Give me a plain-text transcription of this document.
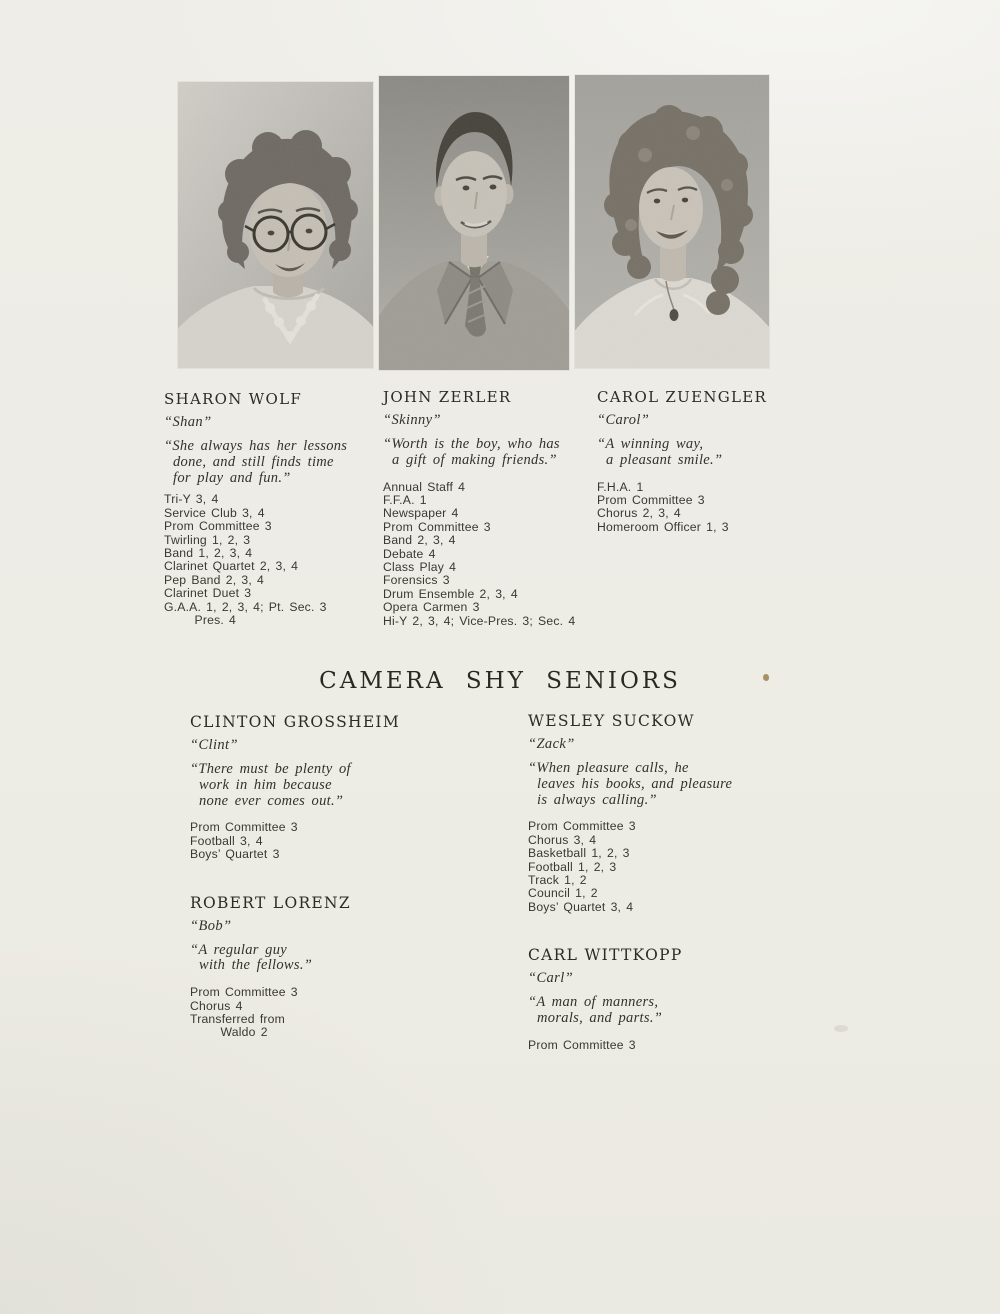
SHARON WOLF
“Shan”
“She always has her lessons
done, and still finds time
for play and fun.”
Tri-Y 3, 4
Service Club 3, 4
Prom Committee 3
Twirling 1, 2, 3
Band 1, 2, 3, 4
Clarinet Quartet 2, 3, 4
Pep Band 2, 3, 4
Clarinet Duet 3
G.A.A. 1, 2, 3, 4; Pt. Sec. 3
Pres. 4
JOHN ZERLER
“Skinny”
“Worth is the boy, who has
a gift of making friends.”
Annual Staff 4
F.F.A. 1
Newspaper 4
Prom Committee 3
Band 2, 3, 4
Debate 4
Class Play 4
Forensics 3
Drum Ensemble 2, 3, 4
Opera Carmen 3
Hi-Y 2, 3, 4; Vice-Pres. 3; Sec. 4
CAROL ZUENGLER
“Carol”
“A winning way,
a pleasant smile.”
F.H.A. 1
Prom Committee 3
Chorus 2, 3, 4
Homeroom Officer 1, 3
CAMERA SHY SENIORS
CLINTON GROSSHEIM
“Clint”
“There must be plenty of
work in him because
none ever comes out.”
Prom Committee 3
Football 3, 4
Boys’ Quartet 3
ROBERT LORENZ
“Bob”
“A regular guy
with the fellows.”
Prom Committee 3
Chorus 4
Transferred from
Waldo 2
WESLEY SUCKOW
“Zack”
“When pleasure calls, he
leaves his books, and pleasure
is always calling.”
Prom Committee 3
Chorus 3, 4
Basketball 1, 2, 3
Football 1, 2, 3
Track 1, 2
Council 1, 2
Boys’ Quartet 3, 4
CARL WITTKOPP
“Carl”
“A man of manners,
morals, and parts.”
Prom Committee 3
